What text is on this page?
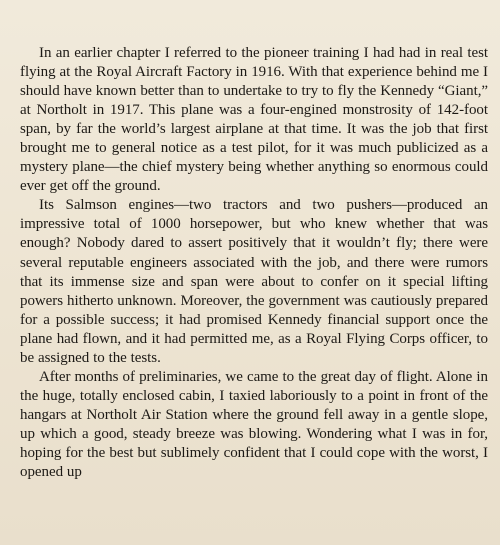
In an earlier chapter I referred to the pioneer training I had had in real test flying at the Royal Aircraft Factory in 1916. With that experience behind me I should have known better than to undertake to try to fly the Kennedy “Giant,” at Northolt in 1917. This plane was a four-engined monstrosity of 142-foot span, by far the world’s largest airplane at that time. It was the job that first brought me to general notice as a test pilot, for it was much publicized as a mystery plane—the chief mystery being whether anything so enormous could ever get off the ground.

Its Salmson engines—two tractors and two pushers—produced an impressive total of 1000 horsepower, but who knew whether that was enough? Nobody dared to assert positively that it wouldn’t fly; there were several reputable engineers associated with the job, and there were rumors that its immense size and span were about to confer on it special lifting powers hitherto unknown. Moreover, the government was cautiously prepared for a possible success; it had promised Kennedy financial support once the plane had flown, and it had permitted me, as a Royal Flying Corps officer, to be assigned to the tests.

After months of preliminaries, we came to the great day of flight. Alone in the huge, totally enclosed cabin, I taxied laboriously to a point in front of the hangars at Northolt Air Station where the ground fell away in a gentle slope, up which a good, steady breeze was blowing. Wondering what I was in for, hoping for the best but sublimely confident that I could cope with the worst, I opened up
